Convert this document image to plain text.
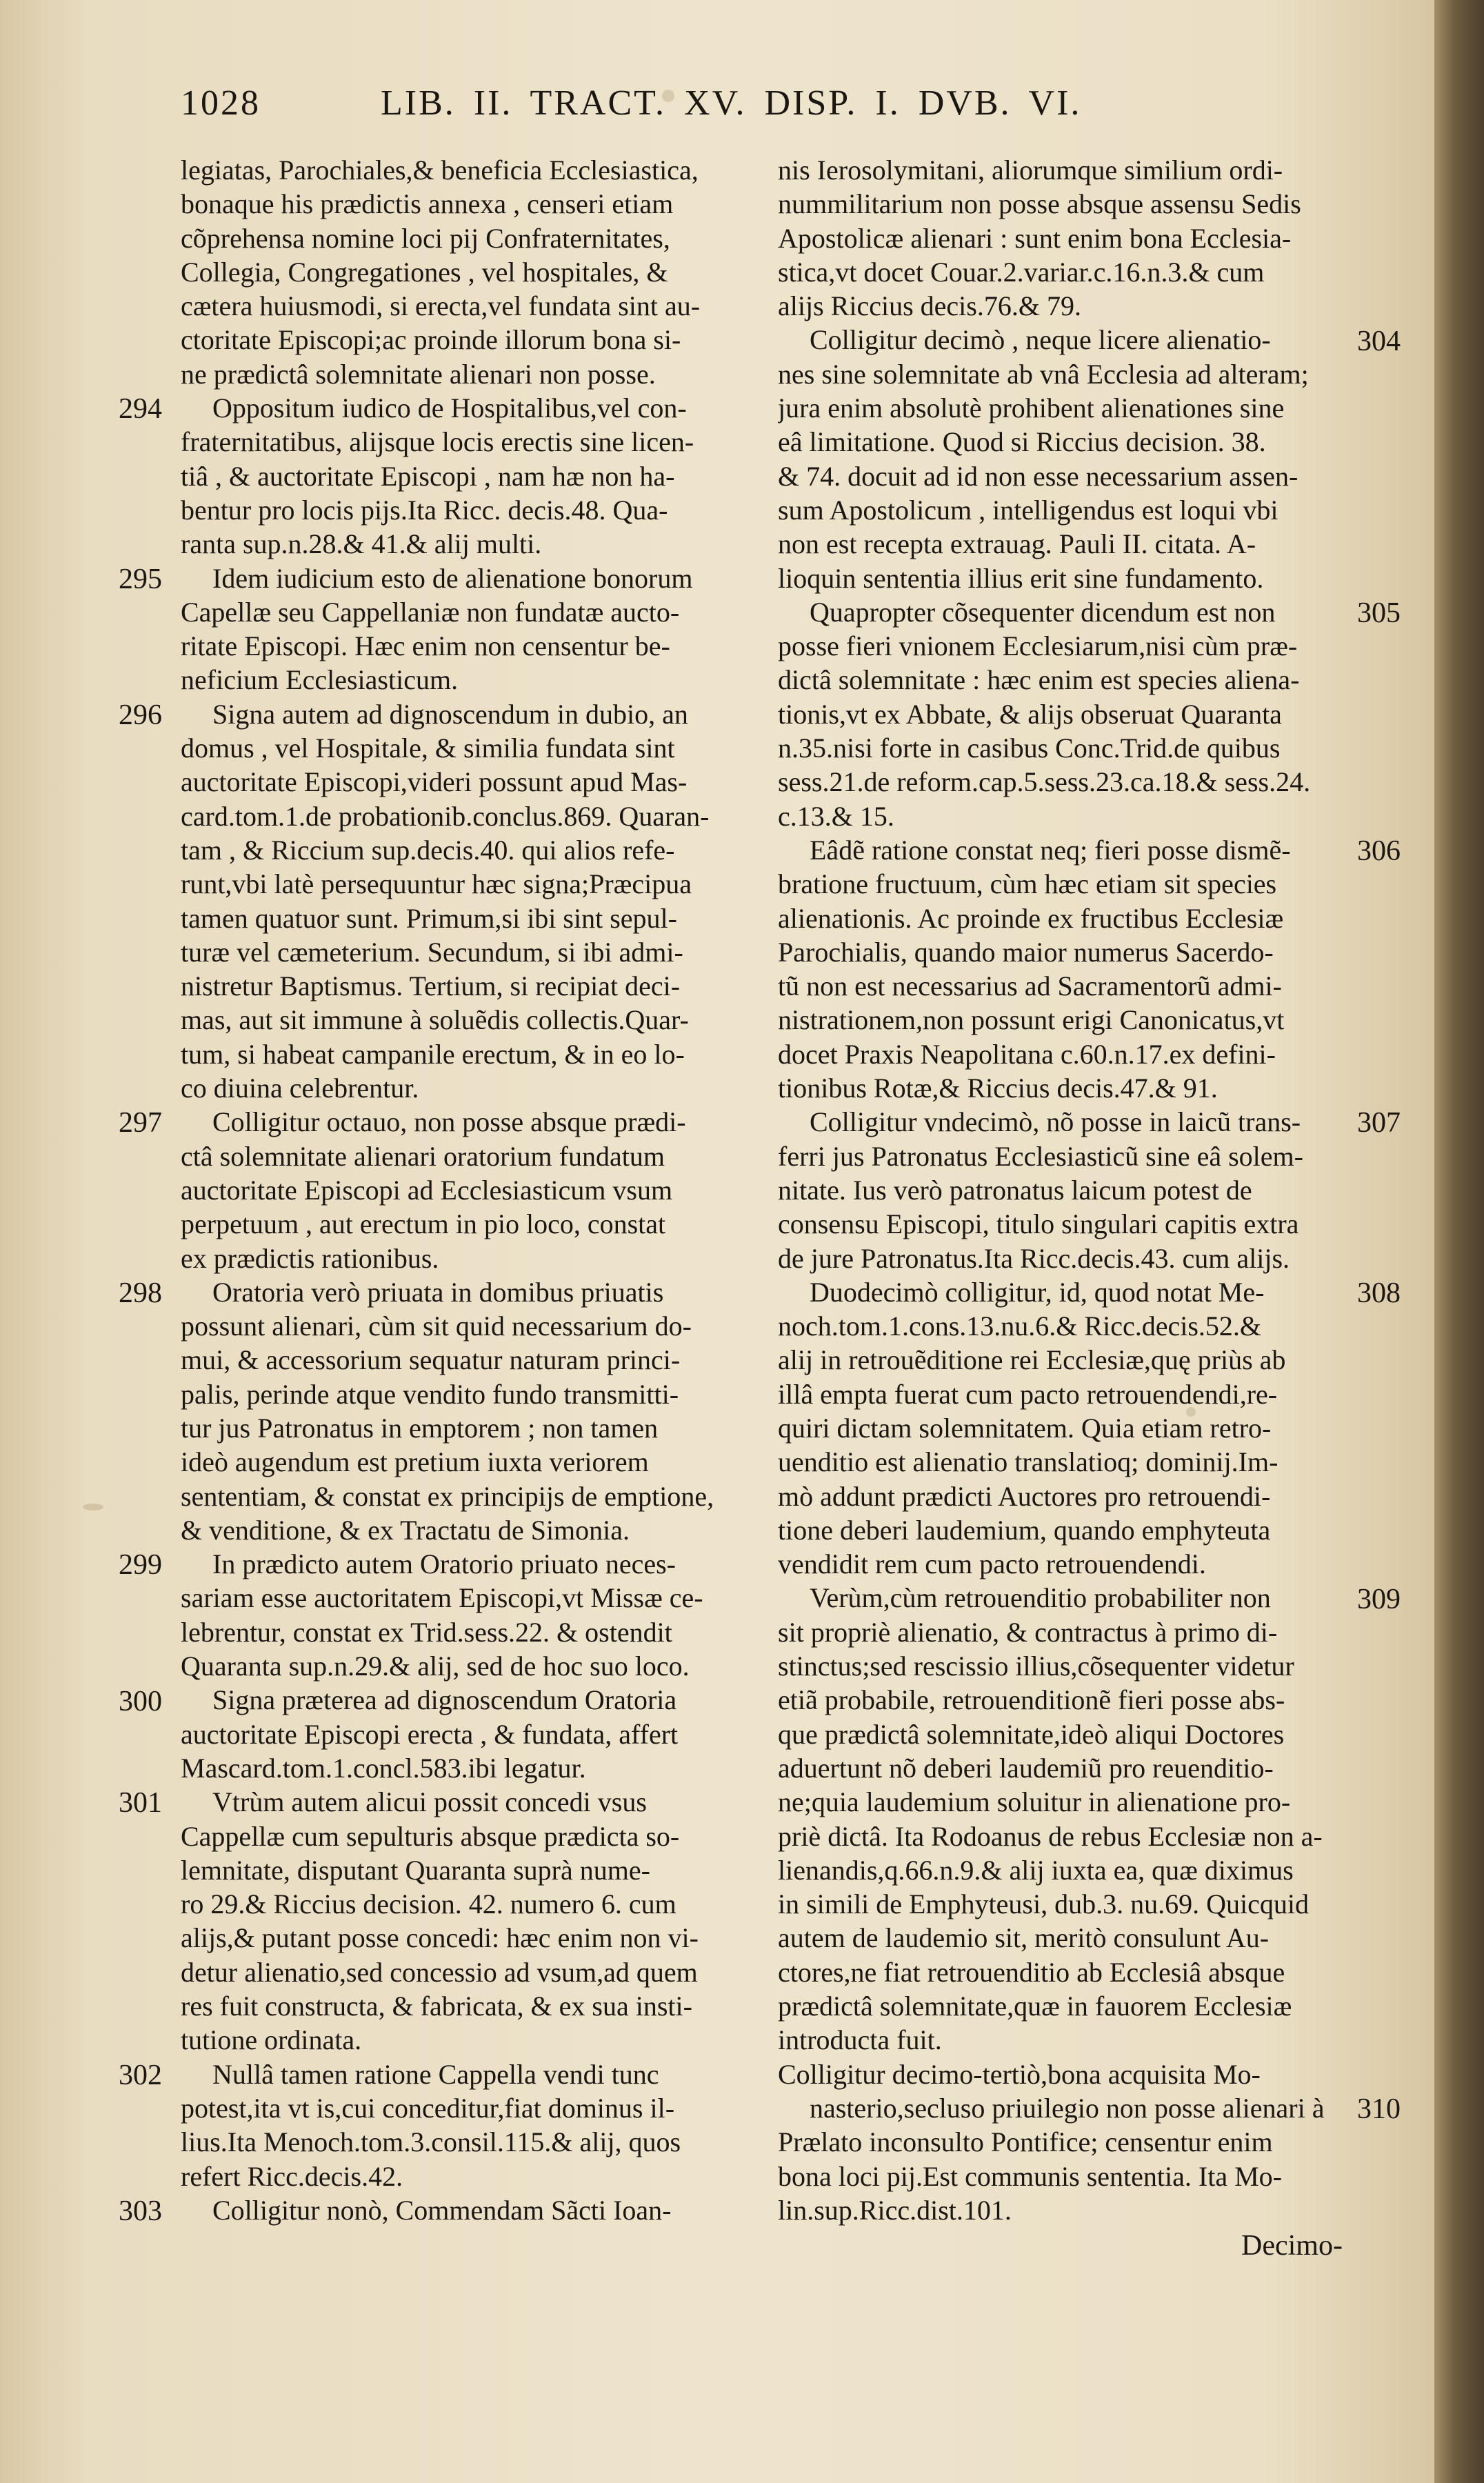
1028	LIB. II. TRACT. XV. DISP. I. DVB. VI.
legiatas, Parochiales,& beneficia Ecclesiastica,
bonaque his prædictis annexa , censeri etiam
cõprehensa nomine loci pij Confraternitates,
Collegia, Congregationes , vel hospitales, &
cætera huiusmodi, si erecta,vel fundata sint au-
ctoritate Episcopi;ac proinde illorum bona si-
ne prædictâ solemnitate alienari non posse.
Oppositum iudico de Hospitalibus,vel con-
fraternitatibus, alijsque locis erectis sine licen-
tiâ , & auctoritate Episcopi , nam hæ non ha-
bentur pro locis pijs.Ita Ricc. decis.48. Qua-
ranta sup.n.28.& 41.& alij multi.
Idem iudicium esto de alienatione bonorum
Capellæ seu Cappellaniæ non fundatæ aucto-
ritate Episcopi. Hæc enim non censentur be-
neficium Ecclesiasticum.
Signa autem ad dignoscendum in dubio, an
domus , vel Hospitale, & similia fundata sint
auctoritate Episcopi,videri possunt apud Mas-
card.tom.1.de probationib.conclus.869. Quaran-
tam , & Riccium sup.decis.40. qui alios refe-
runt,vbi latè persequuntur hæc signa;Præcipua
tamen quatuor sunt. Primum,si ibi sint sepul-
turæ vel cæmeterium. Secundum, si ibi admi-
nistretur Baptismus. Tertium, si recipiat deci-
mas, aut sit immune à soluẽdis collectis.Quar-
tum, si habeat campanile erectum, & in eo lo-
co diuina celebrentur.
Colligitur octauo, non posse absque prædi-
ctâ solemnitate alienari oratorium fundatum
auctoritate Episcopi ad Ecclesiasticum vsum
perpetuum , aut erectum in pio loco, constat
ex prædictis rationibus.
Oratoria verò priuata in domibus priuatis
possunt alienari, cùm sit quid necessarium do-
mui, & accessorium sequatur naturam princi-
palis, perinde atque vendito fundo transmitti-
tur jus Patronatus in emptorem ; non tamen
ideò augendum est pretium iuxta veriorem
sententiam, & constat ex principijs de emptione,
& venditione, & ex Tractatu de Simonia.
In prædicto autem Oratorio priuato neces-
sariam esse auctoritatem Episcopi,vt Missæ ce-
lebrentur, constat ex Trid.sess.22. & ostendit
Quaranta sup.n.29.& alij, sed de hoc suo loco.
Signa præterea ad dignoscendum Oratoria
auctoritate Episcopi erecta , & fundata, affert
Mascard.tom.1.concl.583.ibi legatur.
Vtrùm autem alicui possit concedi vsus
Cappellæ cum sepulturis absque prædicta so-
lemnitate, disputant Quaranta suprà nume-
ro 29.& Riccius decision. 42. numero 6. cum
alijs,& putant posse concedi: hæc enim non vi-
detur alienatio,sed concessio ad vsum,ad quem
res fuit constructa, & fabricata, & ex sua insti-
tutione ordinata.
Nullâ tamen ratione Cappella vendi tunc
potest,ita vt is,cui conceditur,fiat dominus il-
lius.Ita Menoch.tom.3.consil.115.& alij, quos
refert Ricc.decis.42.
Colligitur nonò, Commendam Sãcti Ioan-
nis Ierosolymitani, aliorumque similium ordi-
nummilitarium non posse absque assensu Sedis
Apostolicæ alienari : sunt enim bona Ecclesia-
stica,vt docet Couar.2.variar.c.16.n.3.& cum
alijs Riccius decis.76.& 79.
Colligitur decimò , neque licere alienatio-
nes sine solemnitate ab vnâ Ecclesia ad alteram;
jura enim absolutè prohibent alienationes sine
eâ limitatione. Quod si Riccius decision. 38.
& 74. docuit ad id non esse necessarium assen-
sum Apostolicum , intelligendus est loqui vbi
non est recepta extrauag. Pauli II. citata. A-
lioquin sententia illius erit sine fundamento.
Quapropter cõsequenter dicendum est non
posse fieri vnionem Ecclesiarum,nisi cùm præ-
dictâ solemnitate : hæc enim est species aliena-
tionis,vt ex Abbate, & alijs obseruat Quaranta
n.35.nisi forte in casibus Conc.Trid.de quibus
sess.21.de reform.cap.5.sess.23.ca.18.& sess.24.
c.13.& 15.
Eâdẽ ratione constat neq; fieri posse dismẽ-
bratione fructuum, cùm hæc etiam sit species
alienationis. Ac proinde ex fructibus Ecclesiæ
Parochialis, quando maior numerus Sacerdo-
tũ non est necessarius ad Sacramentorũ admi-
nistrationem,non possunt erigi Canonicatus,vt
docet Praxis Neapolitana c.60.n.17.ex defini-
tionibus Rotæ,& Riccius decis.47.& 91.
Colligitur vndecimò, nõ posse in laicũ trans-
ferri jus Patronatus Ecclesiasticũ sine eâ solem-
nitate. Ius verò patronatus laicum potest de
consensu Episcopi, titulo singulari capitis extra
de jure Patronatus.Ita Ricc.decis.43. cum alijs.
Duodecimò colligitur, id, quod notat Me-
noch.tom.1.cons.13.nu.6.& Ricc.decis.52.&
alij in retrouẽditione rei Ecclesiæ,quę priùs ab
illâ empta fuerat cum pacto retrouendendi,re-
quiri dictam solemnitatem. Quia etiam retro-
uenditio est alienatio translatioq; dominij.Im-
mò addunt prædicti Auctores pro retrouendi-
tione deberi laudemium, quando emphyteuta
vendidit rem cum pacto retrouendendi.
Verùm,cùm retrouenditio probabiliter non
sit propriè alienatio, & contractus à primo di-
stinctus;sed rescissio illius,cõsequenter videtur
etiã probabile, retrouenditionẽ fieri posse abs-
que prædictâ solemnitate,ideò aliqui Doctores
aduertunt nõ deberi laudemiũ pro reuenditio-
ne;quia laudemium soluitur in alienatione pro-
priè dictâ. Ita Rodoanus de rebus Ecclesiæ non a-
lienandis,q.66.n.9.& alij iuxta ea, quæ diximus
in simili de Emphyteusi, dub.3. nu.69. Quicquid
autem de laudemio sit, meritò consulunt Au-
ctores,ne fiat retrouenditio ab Ecclesiâ absque
prædictâ solemnitate,quæ in fauorem Ecclesiæ
introducta fuit.
Colligitur decimo-tertiò,bona acquisita Mo-
nasterio,secluso priuilegio non posse alienari à
Prælato inconsulto Pontifice; censentur enim
bona loci pij.Est communis sententia. Ita Mo-
lin.sup.Ricc.dist.101.
294
295
296
297
298
299
300
301
302
303
304
305
306
307
308
309
310
Decimo-
